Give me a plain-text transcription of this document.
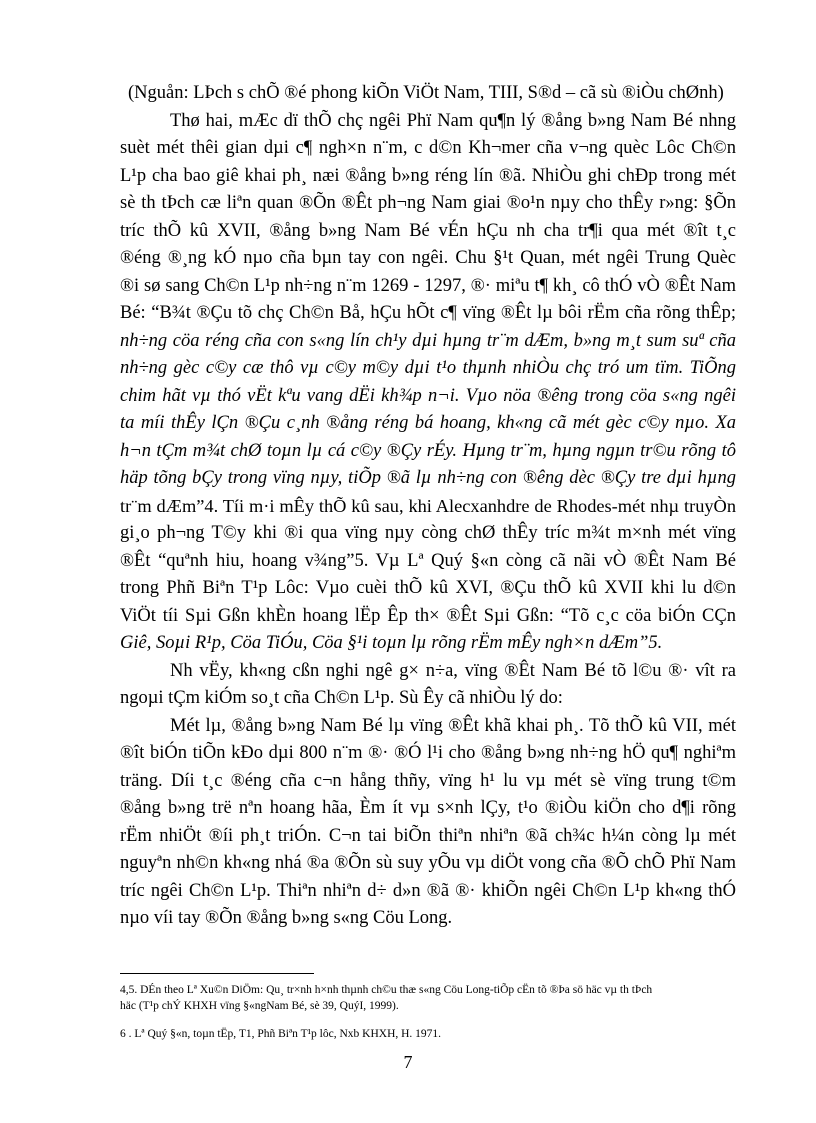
(Nguån: LÞch s chÕ ®é phong kiÕn ViÖt Nam, TIII, S®d – cã sù ®iÒu chØnh)
Thø hai, mÆc dï thÕ chç ngêi Phï Nam qu¶n lý ®ång b»ng Nam Bé nhng
suèt mét thêi gian dµi c¶ ngh×n n¨m, c d©n Kh¬mer cña v¬ng quèc Lôc Ch©n
L¹p cha bao giê khai ph¸ næi ®ång b»ng réng lín ®ã. NhiÒu ghi chÐp trong mét
sè th tÞch cæ liªn quan ®Õn ®Êt ph¬ng Nam giai ®o¹n nµy cho thÊy r»ng: §Õn
tríc thÕ kû XVII, ®ång b»ng Nam Bé vÉn hÇu nh cha tr¶i qua mét ®ît t¸c
®éng ®¸ng kÓ nµo cña bµn tay con ngêi. Chu §¹t Quan, mét ngêi Trung Quèc
®i sø sang Ch©n L¹p nh÷ng n¨m 1269 - 1297, ®· miªu t¶ kh¸ cô thÓ vÒ ®Êt Nam
Bé: “B¾t ®Çu tõ chç Ch©n Bå, hÇu hÕt c¶ vïng ®Êt lµ bôi rËm cña rõng thÊp;
nh÷ng cöa réng cña con s«ng lín ch¹y dµi hµng tr¨m dÆm, b»ng m¸t sum suª cña
nh÷ng gèc c©y cæ thô vµ c©y m©y dµi t¹o thµnh nhiÒu chç tró um tïm. TiÕng
chim hãt vµ thó vËt kªu vang dËi kh¾p n¬i. Vµo nöa ®êng trong cöa s«ng ngêi
ta míi thÊy lÇn ®Çu c¸nh ®ång réng bá hoang, kh«ng cã mét gèc c©y nµo. Xa
h¬n tÇm m¾t chØ toµn lµ cá c©y ®Çy rÉy. Hµng tr¨m, hµng ngµn tr©u rõng tô
häp tõng bÇy trong vïng nµy, tiÕp ®ã lµ nh÷ng con ®êng dèc ®Çy tre dµi hµng
tr¨m dÆm”4. Tíi m·i mÊy thÕ kû sau, khi Alecxanhdre de Rhodes-mét nhµ truyÒn
gi¸o ph¬ng T©y khi ®i qua vïng nµy còng chØ thÊy tríc m¾t m×nh mét vïng
®Êt “quªnh hiu, hoang v¾ng”5. Vµ Lª Quý §«n còng cã nãi vÒ ®Êt Nam Bé
trong Phñ Biªn T¹p Lôc: Vµo cuèi thÕ kû XVI, ®Çu thÕ kû XVII khi lu d©n
ViÖt tíi Sµi Gßn khÈn hoang lËp Êp th× ®Êt Sµi Gßn: “Tõ c¸c cöa biÓn CÇn
Giê, Soµi R¹p, Cöa TiÓu, Cöa §¹i toµn lµ rõng rËm mÊy ngh×n dÆm”5.
Nh vËy, kh«ng cßn nghi ngê g× n÷a, vïng ®Êt Nam Bé tõ l©u ®· vît ra
ngoµi tÇm kiÓm so¸t cña Ch©n L¹p. Sù Êy cã nhiÒu lý do:
Mét lµ, ®ång b»ng Nam Bé lµ vïng ®Êt khã khai ph¸. Tõ thÕ kû VII, mét
®ît biÓn tiÕn kÐo dµi 800 n¨m ®· ®Ó l¹i cho ®ång b»ng nh÷ng hÖ qu¶ nghiªm
träng. Díi t¸c ®éng cña c¬n hång thñy, vïng h¹ lu vµ mét sè vïng trung t©m
®ång b»ng trë nªn hoang hãa, Èm ít vµ s×nh lÇy, t¹o ®iÒu kiÖn cho d¶i rõng
rËm nhiÖt ®íi ph¸t triÓn. C¬n tai biÕn thiªn nhiªn ®ã ch¾c h¼n còng lµ mét
nguyªn nh©n kh«ng nhá ®a ®Õn sù suy yÕu vµ diÖt vong cña ®Õ chÕ Phï Nam
tríc ngêi Ch©n L¹p. Thiªn nhiªn d÷ d»n ®ã ®· khiÕn ngêi Ch©n L¹p kh«ng thÓ
nµo víi tay ®Õn ®ång b»ng s«ng Cöu Long.
4,5. DÉn theo Lª Xu©n DiÖm: Qu¸ tr×nh h×nh thµnh ch©u thæ s«ng Cöu Long-tiÕp cËn tõ ®Þa sö häc vµ th tÞch
häc (T¹p chÝ KHXH vïng §«ngNam Bé, sè 39, QuýI, 1999).
6 . Lª Quý §«n, toµn tËp, T1, Phñ Biªn T¹p lôc, Nxb KHXH, H. 1971.
7
